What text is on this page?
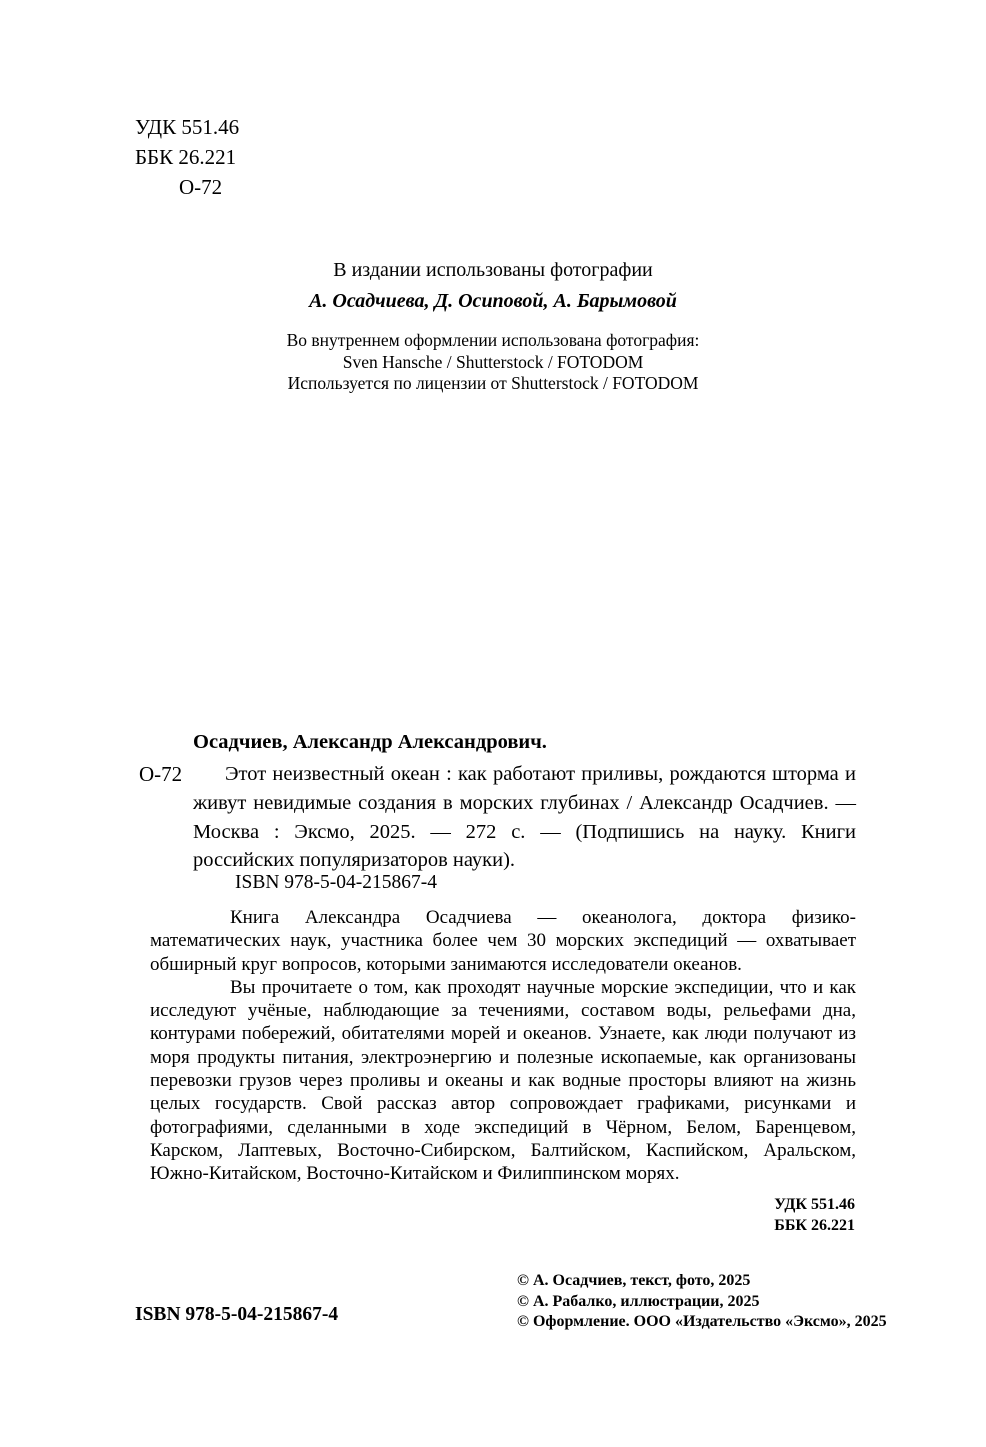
УДК 551.46
ББК 26.221
О-72
В издании использованы фотографии
А. Осадчиева, Д. Осиповой, А. Барымовой
Во внутреннем оформлении использована фотография:
Sven Hansche / Shutterstock / FOTODOM
Используется по лицензии от Shutterstock / FOTODOM
О-72
Осадчиев, Александр Александрович.
Этот неизвестный океан : как работают приливы, рождаются шторма и живут невидимые создания в морских глубинах / Александр Осадчиев. — Москва : Эксмо, 2025. — 272 с. — (Подпишись на науку. Книги российских популяризаторов науки).
ISBN 978-5-04-215867-4

Книга Александра Осадчиева — океанолога, доктора физико-математических наук, участника более чем 30 морских экспедиций — охватывает обширный круг вопросов, которыми занимаются исследователи океанов.

Вы прочитаете о том, как проходят научные морские экспедиции, что и как исследуют учёные, наблюдающие за течениями, составом воды, рельефами дна, контурами побережий, обитателями морей и океанов. Узнаете, как люди получают из моря продукты питания, электроэнергию и полезные ископаемые, как организованы перевозки грузов через проливы и океаны и как водные просторы влияют на жизнь целых государств. Свой рассказ автор сопровождает графиками, рисунками и фотографиями, сделанными в ходе экспедиций в Чёрном, Белом, Баренцевом, Карском, Лаптевых, Восточно-Сибирском, Балтийском, Каспийском, Аральском, Южно-Китайском, Восточно-Китайском и Филиппинском морях.

УДК 551.46
ББК 26.221
© А. Осадчиев, текст, фото, 2025
© А. Рабалко, иллюстрации, 2025
© Оформление. ООО «Издательство «Эксмо», 2025
ISBN 978-5-04-215867-4
